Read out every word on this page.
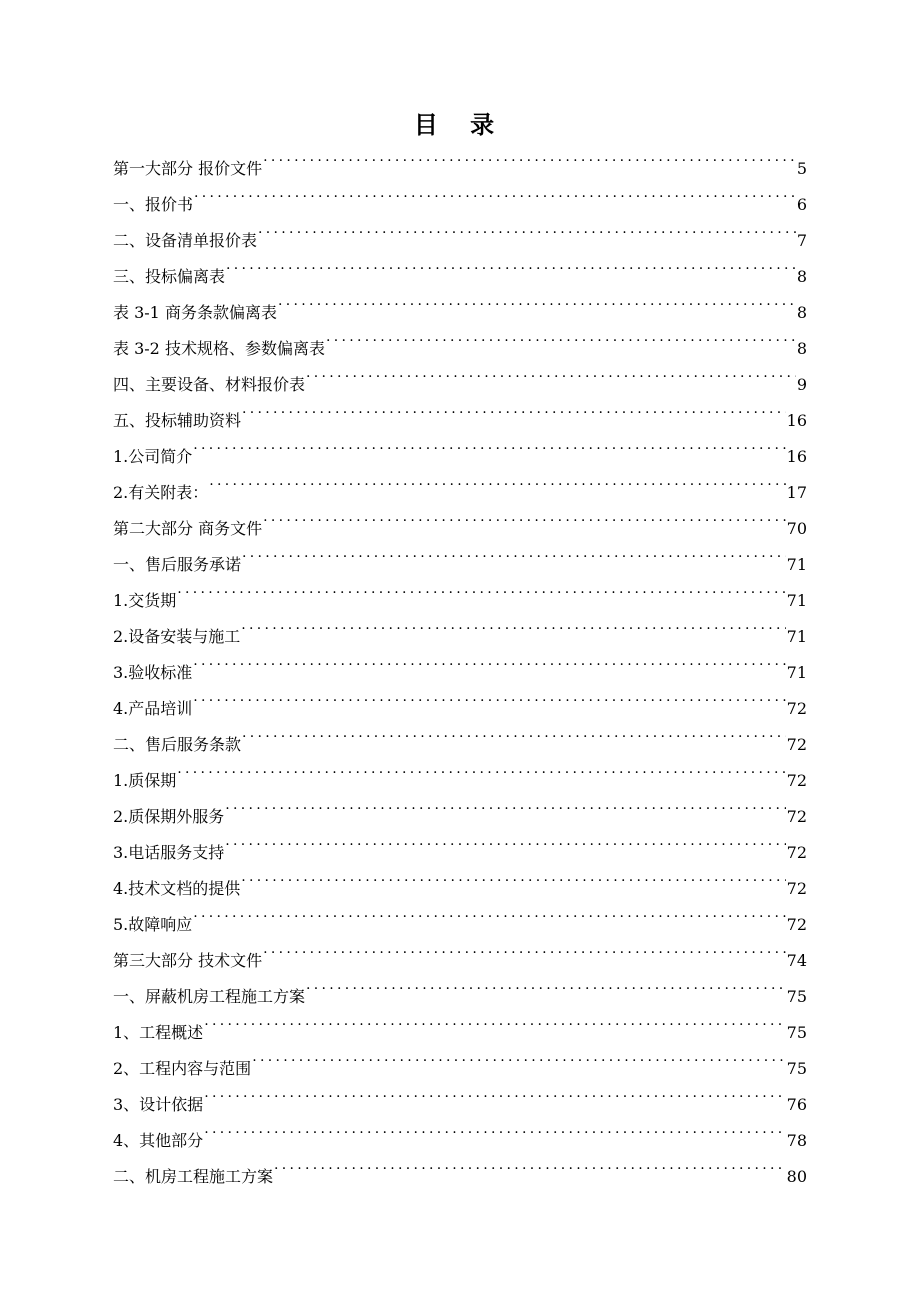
目 录
第一大部分 报价文件 .....	5
一、报价书 .....	6
二、设备清单报价表 .....	7
三、投标偏离表 .....	8
表 3-1 商务条款偏离表 .....	8
表 3-2 技术规格、参数偏离表 .....	8
四、主要设备、材料报价表 .....	9
五、投标辅助资料 .....	16
1.公司简介 .....	16
2.有关附表： .....	17
第二大部分 商务文件 .....	70
一、售后服务承诺 .....	71
1.交货期 .....	71
2.设备安装与施工 .....	71
3.验收标准 .....	71
4.产品培训 .....	72
二、售后服务条款 .....	72
1.质保期 .....	72
2.质保期外服务 .....	72
3.电话服务支持 .....	72
4.技术文档的提供 .....	72
5.故障响应 .....	72
第三大部分 技术文件 .....	74
一、屏蔽机房工程施工方案 .....	75
1、工程概述 .....	75
2、工程内容与范围 .....	75
3、设计依据 .....	76
4、其他部分 .....	78
二、机房工程施工方案 .....	80
